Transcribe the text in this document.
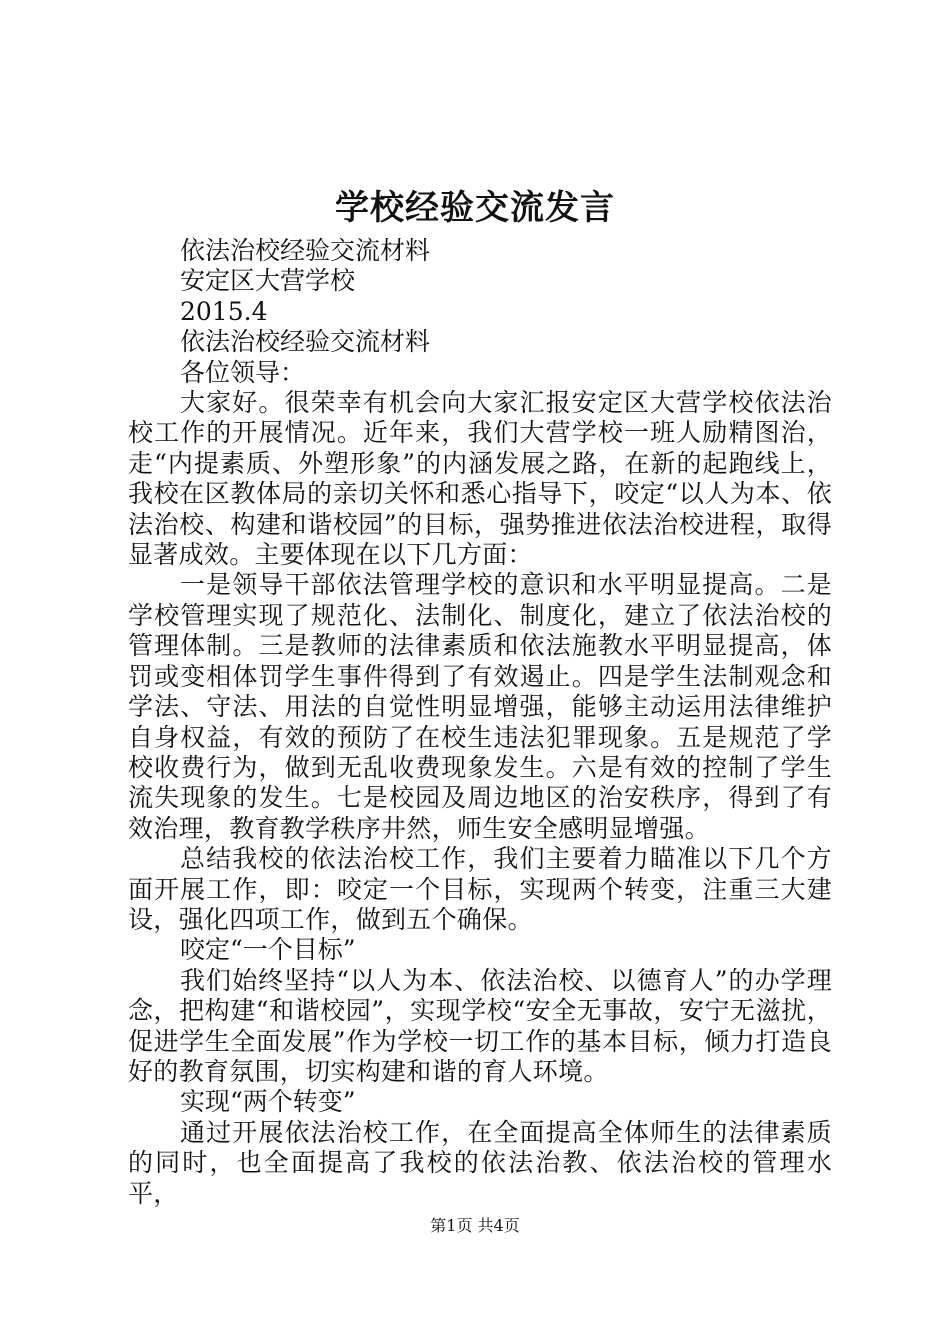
学校经验交流发言

依法治校经验交流材料

安定区大营学校

2015.4

依法治校经验交流材料

各位领导：

大家好。很荣幸有机会向大家汇报安定区大营学校依法治校工作的开展情况。近年来，我们大营学校一班人励精图治，走“内提素质、外塑形象”的内涵发展之路，在新的起跑线上，我校在区教体局的亲切关怀和悉心指导下，咬定“以人为本、依法治校、构建和谐校园”的目标，强势推进依法治校进程，取得显著成效。主要体现在以下几方面：

一是领导干部依法管理学校的意识和水平明显提高。二是学校管理实现了规范化、法制化、制度化，建立了依法治校的管理体制。三是教师的法律素质和依法施教水平明显提高，体罚或变相体罚学生事件得到了有效遏止。四是学生法制观念和学法、守法、用法的自觉性明显增强，能够主动运用法律维护自身权益，有效的预防了在校生违法犯罪现象。五是规范了学校收费行为，做到无乱收费现象发生。六是有效的控制了学生流失现象的发生。七是校园及周边地区的治安秩序，得到了有效治理，教育教学秩序井然，师生安全感明显增强。

总结我校的依法治校工作，我们主要着力瞄准以下几个方面开展工作，即：咬定一个目标，实现两个转变，注重三大建设，强化四项工作，做到五个确保。

咬定“一个目标”

我们始终坚持“以人为本、依法治校、以德育人”的办学理念，把构建“和谐校园”，实现学校“安全无事故，安宁无滋扰，促进学生全面发展”作为学校一切工作的基本目标，倾力打造良好的教育氛围，切实构建和谐的育人环境。

实现“两个转变”

通过开展依法治校工作，在全面提高全体师生的法律素质的同时，也全面提高了我校的依法治教、依法治校的管理水平，

第1页 共4页
